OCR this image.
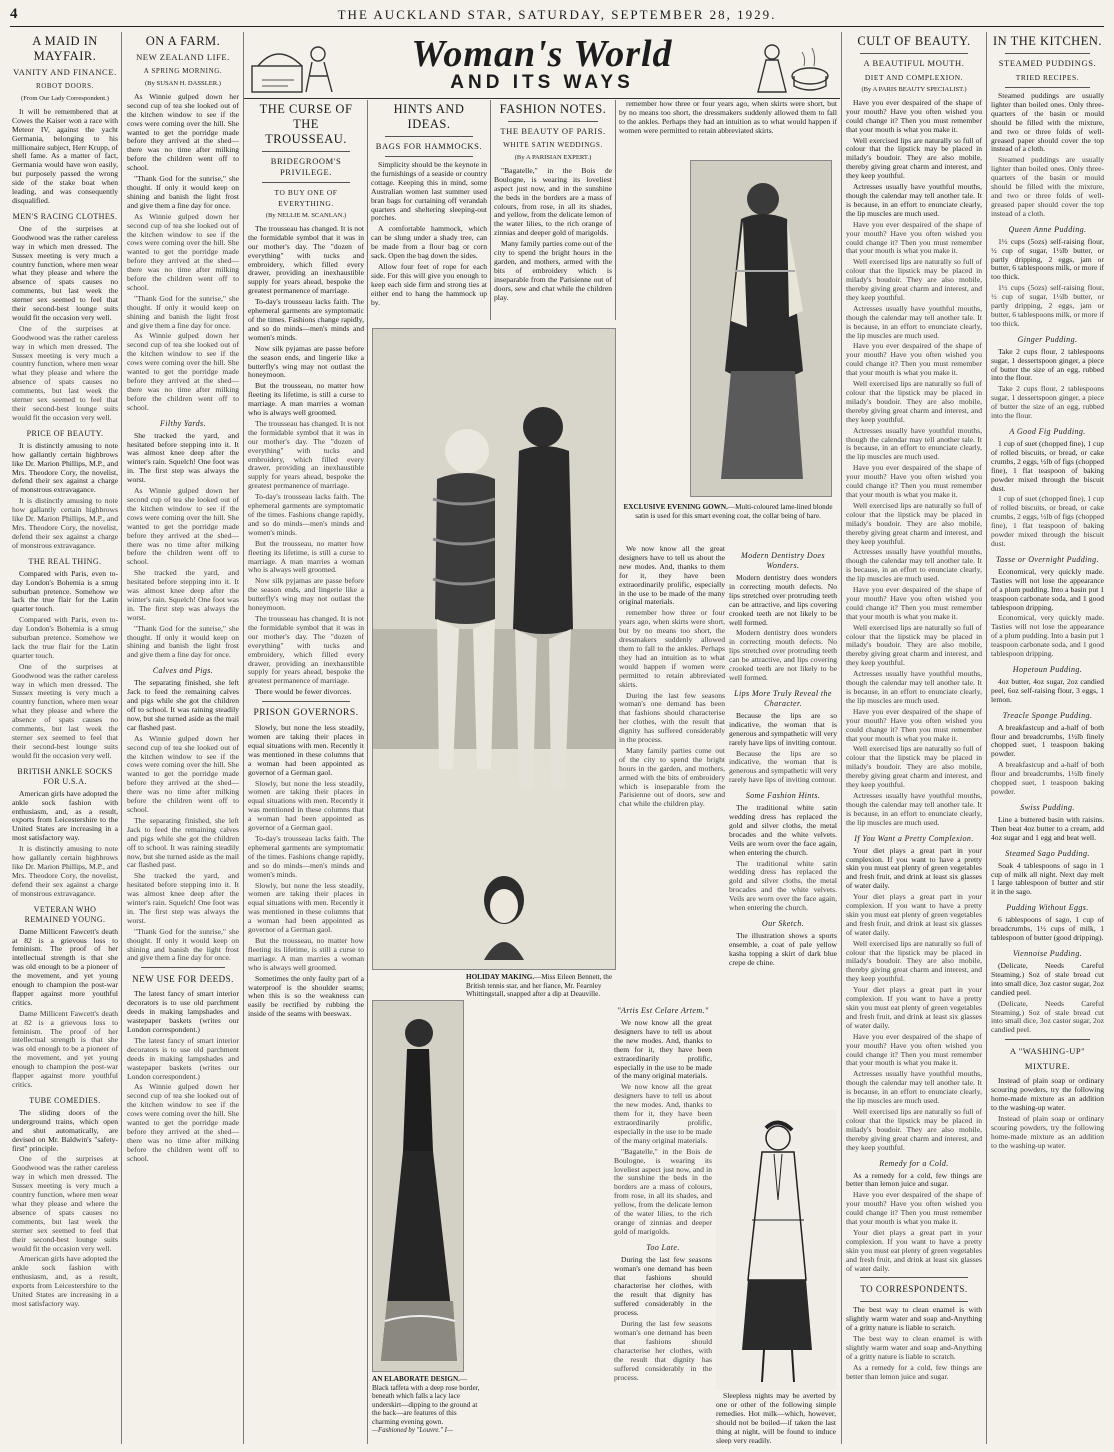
4	THE AUCKLAND STAR, SATURDAY, SEPTEMBER 28, 1929.
A MAID IN MAYFAIR.
VANITY AND FINANCE.
ROBOT DOORS.
(From Our Lady Correspondent.)

It will be remembered that at Cowes the Kaiser won a race with Meteor IV, against the yacht Germania, belonging to his millionaire subject, Herr Krupp, of shell fame. As a matter of fact, Germania would have won easily, but purposely passed the wrong side of the stake boat when leading, and was consequently disqualified.

MEN'S RACING CLOTHES.

One of the surprises at Goodwood was the rather careless way in which men dressed. The Sussex meeting is very much a country function, where men wear what they please and where the absence of spats causes no comments, but last week the sterner sex seemed to feel that their second-best lounge suits would fit the occasion very well.

One of the surprises at Goodwood was the rather careless way in which men dressed. The Sussex meeting is very much a country function, where men wear what they please and where the absence of spats causes no comments, but last week the sterner sex seemed to feel that their second-best lounge suits would fit the occasion very well.

PRICE OF BEAUTY.

It is distinctly amusing to note how gallantly certain highbrows like Dr. Marion Phillips, M.P., and Mrs. Theodore Cory, the novelist, defend their sex against a charge of monstrous extravagance.

It is distinctly amusing to note how gallantly certain highbrows like Dr. Marion Phillips, M.P., and Mrs. Theodore Cory, the novelist, defend their sex against a charge of monstrous extravagance.

THE REAL THING.

Compared with Paris, even to-day London's Bohemia is a smug suburban pretence. Somehow we lack the true flair for the Latin quarter touch.

Compared with Paris, even to-day London's Bohemia is a smug suburban pretence. Somehow we lack the true flair for the Latin quarter touch.

One of the surprises at Goodwood was the rather careless way in which men dressed. The Sussex meeting is very much a country function, where men wear what they please and where the absence of spats causes no comments, but last week the sterner sex seemed to feel that their second-best lounge suits would fit the occasion very well.

BRITISH ANKLE SOCKS FOR U.S.A.

American girls have adopted the ankle sock fashion with enthusiasm, and, as a result, exports from Leicestershire to the United States are increasing in a most satisfactory way.

It is distinctly amusing to note how gallantly certain highbrows like Dr. Marion Phillips, M.P., and Mrs. Theodore Cory, the novelist, defend their sex against a charge of monstrous extravagance.

VETERAN WHO REMAINED YOUNG.

Dame Millicent Fawcett's death at 82 is a grievous loss to feminism. The proof of her intellectual strength is that she was old enough to be a pioneer of the movement, and yet young enough to champion the post-war flapper against more youthful critics.

Dame Millicent Fawcett's death at 82 is a grievous loss to feminism. The proof of her intellectual strength is that she was old enough to be a pioneer of the movement, and yet young enough to champion the post-war flapper against more youthful critics.

TUBE COMEDIES.

The sliding doors of the underground trains, which open and shut automatically, are devised on Mr. Baldwin's "safety-first" principle.

One of the surprises at Goodwood was the rather careless way in which men dressed. The Sussex meeting is very much a country function, where men wear what they please and where the absence of spats causes no comments, but last week the sterner sex seemed to feel that their second-best lounge suits would fit the occasion very well.

American girls have adopted the ankle sock fashion with enthusiasm, and, as a result, exports from Leicestershire to the United States are increasing in a most satisfactory way.

ON A FARM.
NEW ZEALAND LIFE.
A SPRING MORNING.
(By SUSAN H. DASSLER.)

As Winnie gulped down her second cup of tea she looked out of the kitchen window to see if the cows were coming over the hill. She wanted to get the porridge made before they arrived at the shed—there was no time after milking before the children went off to school.

"Thank God for the sunrise," she thought. If only it would keep on shining and banish the light frost and give them a fine day for once.

As Winnie gulped down her second cup of tea she looked out of the kitchen window to see if the cows were coming over the hill. She wanted to get the porridge made before they arrived at the shed—there was no time after milking before the children went off to school.

"Thank God for the sunrise," she thought. If only it would keep on shining and banish the light frost and give them a fine day for once.

As Winnie gulped down her second cup of tea she looked out of the kitchen window to see if the cows were coming over the hill. She wanted to get the porridge made before they arrived at the shed—there was no time after milking before the children went off to school.

Filthy Yards.

She tracked the yard, and hesitated before stepping into it. It was almost knee deep after the winter's rain. Squelch! One foot was in. The first step was always the worst.

As Winnie gulped down her second cup of tea she looked out of the kitchen window to see if the cows were coming over the hill. She wanted to get the porridge made before they arrived at the shed—there was no time after milking before the children went off to school.

She tracked the yard, and hesitated before stepping into it. It was almost knee deep after the winter's rain. Squelch! One foot was in. The first step was always the worst.

"Thank God for the sunrise," she thought. If only it would keep on shining and banish the light frost and give them a fine day for once.

Calves and Pigs.

The separating finished, she left Jack to feed the remaining calves and pigs while she got the children off to school. It was raining steadily now, but she turned aside as the mail car flashed past.

As Winnie gulped down her second cup of tea she looked out of the kitchen window to see if the cows were coming over the hill. She wanted to get the porridge made before they arrived at the shed—there was no time after milking before the children went off to school.

The separating finished, she left Jack to feed the remaining calves and pigs while she got the children off to school. It was raining steadily now, but she turned aside as the mail car flashed past.

She tracked the yard, and hesitated before stepping into it. It was almost knee deep after the winter's rain. Squelch! One foot was in. The first step was always the worst.

"Thank God for the sunrise," she thought. If only it would keep on shining and banish the light frost and give them a fine day for once.

NEW USE FOR DEEDS.

The latest fancy of smart interior decorators is to use old parchment deeds in making lampshades and wastepaper baskets (writes our London correspondent.)

The latest fancy of smart interior decorators is to use old parchment deeds in making lampshades and wastepaper baskets (writes our London correspondent.)

As Winnie gulped down her second cup of tea she looked out of the kitchen window to see if the cows were coming over the hill. She wanted to get the porridge made before they arrived at the shed—there was no time after milking before the children went off to school.

Woman's World
AND ITS WAYS
THE CURSE OF THE
TROUSSEAU.
BRIDEGROOM'S PRIVILEGE.
TO BUY ONE OF EVERYTHING.
(By NELLIE M. SCANLAN.)

The trousseau has changed. It is not the formidable symbol that it was in our mother's day. The "dozen of everything" with tucks and embroidery, which filled every drawer, providing an inexhaustible supply for years ahead, bespoke the greatest permanence of marriage.

To-day's trousseau lacks faith. The ephemeral garments are symptomatic of the times. Fashions change rapidly, and so do minds—men's minds and women's minds.

Now silk pyjamas are passe before the season ends, and lingerie like a butterfly's wing may not outlast the honeymoon.

But the trousseau, no matter how fleeting its lifetime, is still a curse to marriage. A man marries a woman who is always well groomed.

The trousseau has changed. It is not the formidable symbol that it was in our mother's day. The "dozen of everything" with tucks and embroidery, which filled every drawer, providing an inexhaustible supply for years ahead, bespoke the greatest permanence of marriage.

To-day's trousseau lacks faith. The ephemeral garments are symptomatic of the times. Fashions change rapidly, and so do minds—men's minds and women's minds.

But the trousseau, no matter how fleeting its lifetime, is still a curse to marriage. A man marries a woman who is always well groomed.

Now silk pyjamas are passe before the season ends, and lingerie like a butterfly's wing may not outlast the honeymoon.

The trousseau has changed. It is not the formidable symbol that it was in our mother's day. The "dozen of everything" with tucks and embroidery, which filled every drawer, providing an inexhaustible supply for years ahead, bespoke the greatest permanence of marriage.

There would be fewer divorces.

PRISON GOVERNORS.

Slowly, but none the less steadily, women are taking their places in equal situations with men. Recently it was mentioned in these columns that a woman had been appointed as governor of a German gaol.

Slowly, but none the less steadily, women are taking their places in equal situations with men. Recently it was mentioned in these columns that a woman had been appointed as governor of a German gaol.

To-day's trousseau lacks faith. The ephemeral garments are symptomatic of the times. Fashions change rapidly, and so do minds—men's minds and women's minds.

Slowly, but none the less steadily, women are taking their places in equal situations with men. Recently it was mentioned in these columns that a woman had been appointed as governor of a German gaol.

But the trousseau, no matter how fleeting its lifetime, is still a curse to marriage. A man marries a woman who is always well groomed.

Sometimes the only faulty part of a waterproof is the shoulder seams; when this is so the weakness can easily be rectified by rubbing the inside of the seams with beeswax.

HINTS AND IDEAS.
BAGS FOR HAMMOCKS.

Simplicity should be the keynote in the furnishings of a seaside or country cottage. Keeping this in mind, some Australian women last summer used bran bags for curtaining off verandah quarters and sheltering sleeping-out porches.

A comfortable hammock, which can be slung under a shady tree, can be made from a flour bag or corn sack. Open the bag down the sides.

Allow four feet of rope for each side. For this will give you enough to keep each side firm and strong ties at either end to hang the hammock up by.

FASHION NOTES.
THE BEAUTY OF PARIS.
WHITE SATIN WEDDINGS.
(By A PARISIAN EXPERT.)

"Bagatelle," in the Bois de Boulogne, is wearing its loveliest aspect just now, and in the sunshine the beds in the borders are a mass of colours, from rose, in all its shades, and yellow, from the delicate lemon of the water lilies, to the rich orange of zinnias and deeper gold of marigolds.

Many family parties come out of the city to spend the bright hours in the garden, and mothers, armed with the bits of embroidery which is inseparable from the Parisienne out of doors, sew and chat while the children play.

remember how three or four years ago, when skirts were short, but by no means too short, the dressmakers suddenly allowed them to fall to the ankles. Perhaps they had an intuition as to what would happen if women were permitted to retain abbreviated skirts.

EXCLUSIVE EVENING GOWN.—Multi-coloured lame-lined blonde satin is used for this smart evening coat, the collar being of hare.
HOLIDAY MAKING.—Miss Eileen Bennett, the British tennis star, and her fiance, Mr. Fearnley Whittingstall, snapped after a dip at Deauville.
AN ELABORATE DESIGN.—Black taffeta with a deep rose border, beneath which falls a lacy lace underskirt—dipping to the ground at the back—are features of this charming evening gown.
—Fashioned by "Louvre." I—
"Artis Est Celare Artem."

We now know all the great designers have to tell us about the new modes. And, thanks to them for it, they have been extraordinarily prolific, especially in the use to be made of the many original materials.

We now know all the great designers have to tell us about the new modes. And, thanks to them for it, they have been extraordinarily prolific, especially in the use to be made of the many original materials.

"Bagatelle," in the Bois de Boulogne, is wearing its loveliest aspect just now, and in the sunshine the beds in the borders are a mass of colours, from rose, in all its shades, and yellow, from the delicate lemon of the water lilies, to the rich orange of zinnias and deeper gold of marigolds.

Too Late.

During the last few seasons woman's one demand has been that fashions should characterise her clothes, with the result that dignity has suffered considerably in the process.

During the last few seasons woman's one demand has been that fashions should characterise her clothes, with the result that dignity has suffered considerably in the process.

We now know all the great designers have to tell us about the new modes. And, thanks to them for it, they have been extraordinarily prolific, especially in the use to be made of the many original materials.

remember how three or four years ago, when skirts were short, but by no means too short, the dressmakers suddenly allowed them to fall to the ankles. Perhaps they had an intuition as to what would happen if women were permitted to retain abbreviated skirts.

During the last few seasons woman's one demand has been that fashions should characterise her clothes, with the result that dignity has suffered considerably in the process.

Many family parties come out of the city to spend the bright hours in the garden, and mothers, armed with the bits of embroidery which is inseparable from the Parisienne out of doors, sew and chat while the children play.

Modern Dentistry Does Wonders.

Modern dentistry does wonders in correcting mouth defects. No lips stretched over protruding teeth can be attractive, and lips covering crooked teeth are not likely to be well formed.

Modern dentistry does wonders in correcting mouth defects. No lips stretched over protruding teeth can be attractive, and lips covering crooked teeth are not likely to be well formed.

Lips More Truly Reveal the Character.

Because the lips are so indicative, the woman that is generous and sympathetic will very rarely have lips of inviting contour.

Because the lips are so indicative, the woman that is generous and sympathetic will very rarely have lips of inviting contour.

Some Fashion Hints.

The traditional white satin wedding dress has replaced the gold and silver cloths, the metal brocades and the white velvets. Veils are worn over the face again, when entering the church.

The traditional white satin wedding dress has replaced the gold and silver cloths, the metal brocades and the white velvets. Veils are worn over the face again, when entering the church.

Our Sketch.

The illustration shows a sports ensemble, a coat of pale yellow kasha topping a skirt of dark blue crepe de chine.

Sleepless nights may be averted by one or other of the following simple remedies. Hot milk—which, however, should not be boiled—if taken the last thing at night, will be found to induce sleep very readily.

CULT OF BEAUTY.
A BEAUTIFUL MOUTH.
DIET AND COMPLEXION.
(By A PARIS BEAUTY SPECIALIST.)

Have you ever despaired of the shape of your mouth? Have you often wished you could change it? Then you must remember that your mouth is what you make it.

Well exercised lips are naturally so full of colour that the lipstick may be placed in milady's boudoir. They are also mobile, thereby giving great charm and interest, and they keep youthful.

Actresses usually have youthful mouths, though the calendar may tell another tale. It is because, in an effort to enunciate clearly, the lip muscles are much used.

Have you ever despaired of the shape of your mouth? Have you often wished you could change it? Then you must remember that your mouth is what you make it.

Well exercised lips are naturally so full of colour that the lipstick may be placed in milady's boudoir. They are also mobile, thereby giving great charm and interest, and they keep youthful.

Actresses usually have youthful mouths, though the calendar may tell another tale. It is because, in an effort to enunciate clearly, the lip muscles are much used.

Have you ever despaired of the shape of your mouth? Have you often wished you could change it? Then you must remember that your mouth is what you make it.

Well exercised lips are naturally so full of colour that the lipstick may be placed in milady's boudoir. They are also mobile, thereby giving great charm and interest, and they keep youthful.

Actresses usually have youthful mouths, though the calendar may tell another tale. It is because, in an effort to enunciate clearly, the lip muscles are much used.

Have you ever despaired of the shape of your mouth? Have you often wished you could change it? Then you must remember that your mouth is what you make it.

Well exercised lips are naturally so full of colour that the lipstick may be placed in milady's boudoir. They are also mobile, thereby giving great charm and interest, and they keep youthful.

Actresses usually have youthful mouths, though the calendar may tell another tale. It is because, in an effort to enunciate clearly, the lip muscles are much used.

Have you ever despaired of the shape of your mouth? Have you often wished you could change it? Then you must remember that your mouth is what you make it.

Well exercised lips are naturally so full of colour that the lipstick may be placed in milady's boudoir. They are also mobile, thereby giving great charm and interest, and they keep youthful.

Actresses usually have youthful mouths, though the calendar may tell another tale. It is because, in an effort to enunciate clearly, the lip muscles are much used.

Have you ever despaired of the shape of your mouth? Have you often wished you could change it? Then you must remember that your mouth is what you make it.

Well exercised lips are naturally so full of colour that the lipstick may be placed in milady's boudoir. They are also mobile, thereby giving great charm and interest, and they keep youthful.

Actresses usually have youthful mouths, though the calendar may tell another tale. It is because, in an effort to enunciate clearly, the lip muscles are much used.

If You Want a Pretty Complexion.

Your diet plays a great part in your complexion. If you want to have a pretty skin you must eat plenty of green vegetables and fresh fruit, and drink at least six glasses of water daily.

Your diet plays a great part in your complexion. If you want to have a pretty skin you must eat plenty of green vegetables and fresh fruit, and drink at least six glasses of water daily.

Well exercised lips are naturally so full of colour that the lipstick may be placed in milady's boudoir. They are also mobile, thereby giving great charm and interest, and they keep youthful.

Your diet plays a great part in your complexion. If you want to have a pretty skin you must eat plenty of green vegetables and fresh fruit, and drink at least six glasses of water daily.

Have you ever despaired of the shape of your mouth? Have you often wished you could change it? Then you must remember that your mouth is what you make it.

Actresses usually have youthful mouths, though the calendar may tell another tale. It is because, in an effort to enunciate clearly, the lip muscles are much used.

Well exercised lips are naturally so full of colour that the lipstick may be placed in milady's boudoir. They are also mobile, thereby giving great charm and interest, and they keep youthful.

Remedy for a Cold.

As a remedy for a cold, few things are better than lemon juice and sugar.

Have you ever despaired of the shape of your mouth? Have you often wished you could change it? Then you must remember that your mouth is what you make it.

Your diet plays a great part in your complexion. If you want to have a pretty skin you must eat plenty of green vegetables and fresh fruit, and drink at least six glasses of water daily.

TO CORRESPONDENTS.

The best way to clean enamel is with slightly warm water and soap and-Anything of a gritty nature is liable to scratch.

The best way to clean enamel is with slightly warm water and soap and-Anything of a gritty nature is liable to scratch.

As a remedy for a cold, few things are better than lemon juice and sugar.

IN THE KITCHEN.
STEAMED PUDDINGS.
TRIED RECIPES.

Steamed puddings are usually lighter than boiled ones. Only three-quarters of the basin or mould should be filled with the mixture, and two or three folds of well-greased paper should cover the top instead of a cloth.

Steamed puddings are usually lighter than boiled ones. Only three-quarters of the basin or mould should be filled with the mixture, and two or three folds of well-greased paper should cover the top instead of a cloth.

Queen Anne Pudding.

1½ cups (5ozs) self-raising flour, ½ cup of sugar, 1½lb butter, or partly dripping, 2 eggs, jam or butter, 6 tablespoons milk, or more if too thick.

1½ cups (5ozs) self-raising flour, ½ cup of sugar, 1½lb butter, or partly dripping, 2 eggs, jam or butter, 6 tablespoons milk, or more if too thick.

Ginger Pudding.

Take 2 cups flour, 2 tablespoons sugar, 1 dessertspoon ginger, a piece of butter the size of an egg, rubbed into the flour.

Take 2 cups flour, 2 tablespoons sugar, 1 dessertspoon ginger, a piece of butter the size of an egg, rubbed into the flour.

A Good Fig Pudding.

1 cup of suet (chopped fine), 1 cup of rolled biscuits, or bread, or cake crumbs, 2 eggs, ½lb of figs (chopped fine), 1 flat teaspoon of baking powder mixed through the biscuit dust.

1 cup of suet (chopped fine), 1 cup of rolled biscuits, or bread, or cake crumbs, 2 eggs, ½lb of figs (chopped fine), 1 flat teaspoon of baking powder mixed through the biscuit dust.

Tasse or Overnight Pudding.

Economical, very quickly made. Tasties will not lose the appearance of a plum pudding. Into a basin put 1 teaspoon carbonate soda, and 1 good tablespoon dripping.

Economical, very quickly made. Tasties will not lose the appearance of a plum pudding. Into a basin put 1 teaspoon carbonate soda, and 1 good tablespoon dripping.

Hopetoun Pudding.

4oz butter, 4oz sugar, 2oz candied peel, 6oz self-raising flour, 3 eggs, 1 lemon.

Treacle Sponge Pudding.

A breakfastcup and a-half of both flour and breadcrumbs, 1½lb finely chopped suet, 1 teaspoon baking powder.

A breakfastcup and a-half of both flour and breadcrumbs, 1½lb finely chopped suet, 1 teaspoon baking powder.

Swiss Pudding.

Line a buttered basin with raisins. Then beat 4oz butter to a cream, add 4oz sugar and 1 egg and beat well.

Steamed Sago Pudding.

Soak 4 tablespoons of sago in 1 cup of milk all night. Next day melt 1 large tablespoon of butter and stir it in the sago.

Pudding Without Eggs.

6 tablespoons of sago, 1 cup of breadcrumbs, 1½ cups of milk, 1 tablespoon of butter (good dripping).

Viennoise Pudding.

(Delicate, Needs Careful Steaming.) Soz of stale bread cut into small dice, 3oz castor sugar, 2oz candied peel.

(Delicate, Needs Careful Steaming.) Soz of stale bread cut into small dice, 3oz castor sugar, 2oz candied peel.

A "WASHING-UP" MIXTURE.

Instead of plain soap or ordinary scouring powders, try the following home-made mixture as an addition to the washing-up water.

Instead of plain soap or ordinary scouring powders, try the following home-made mixture as an addition to the washing-up water.
